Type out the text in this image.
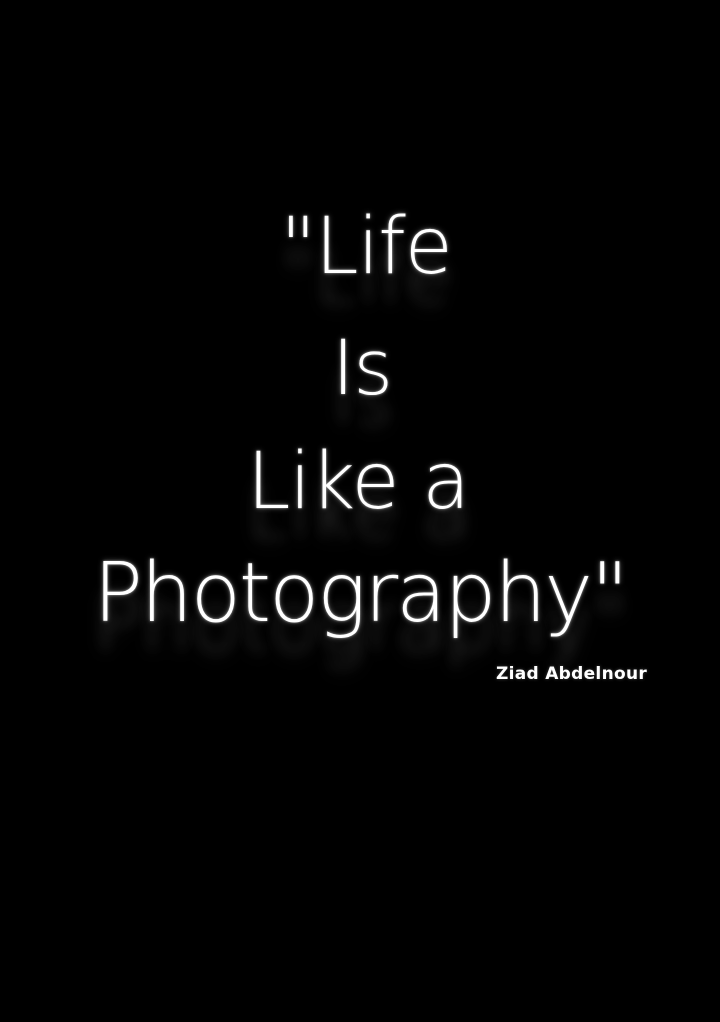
"Life
Is
Like a
Photography"
Ziad Abdelnour
